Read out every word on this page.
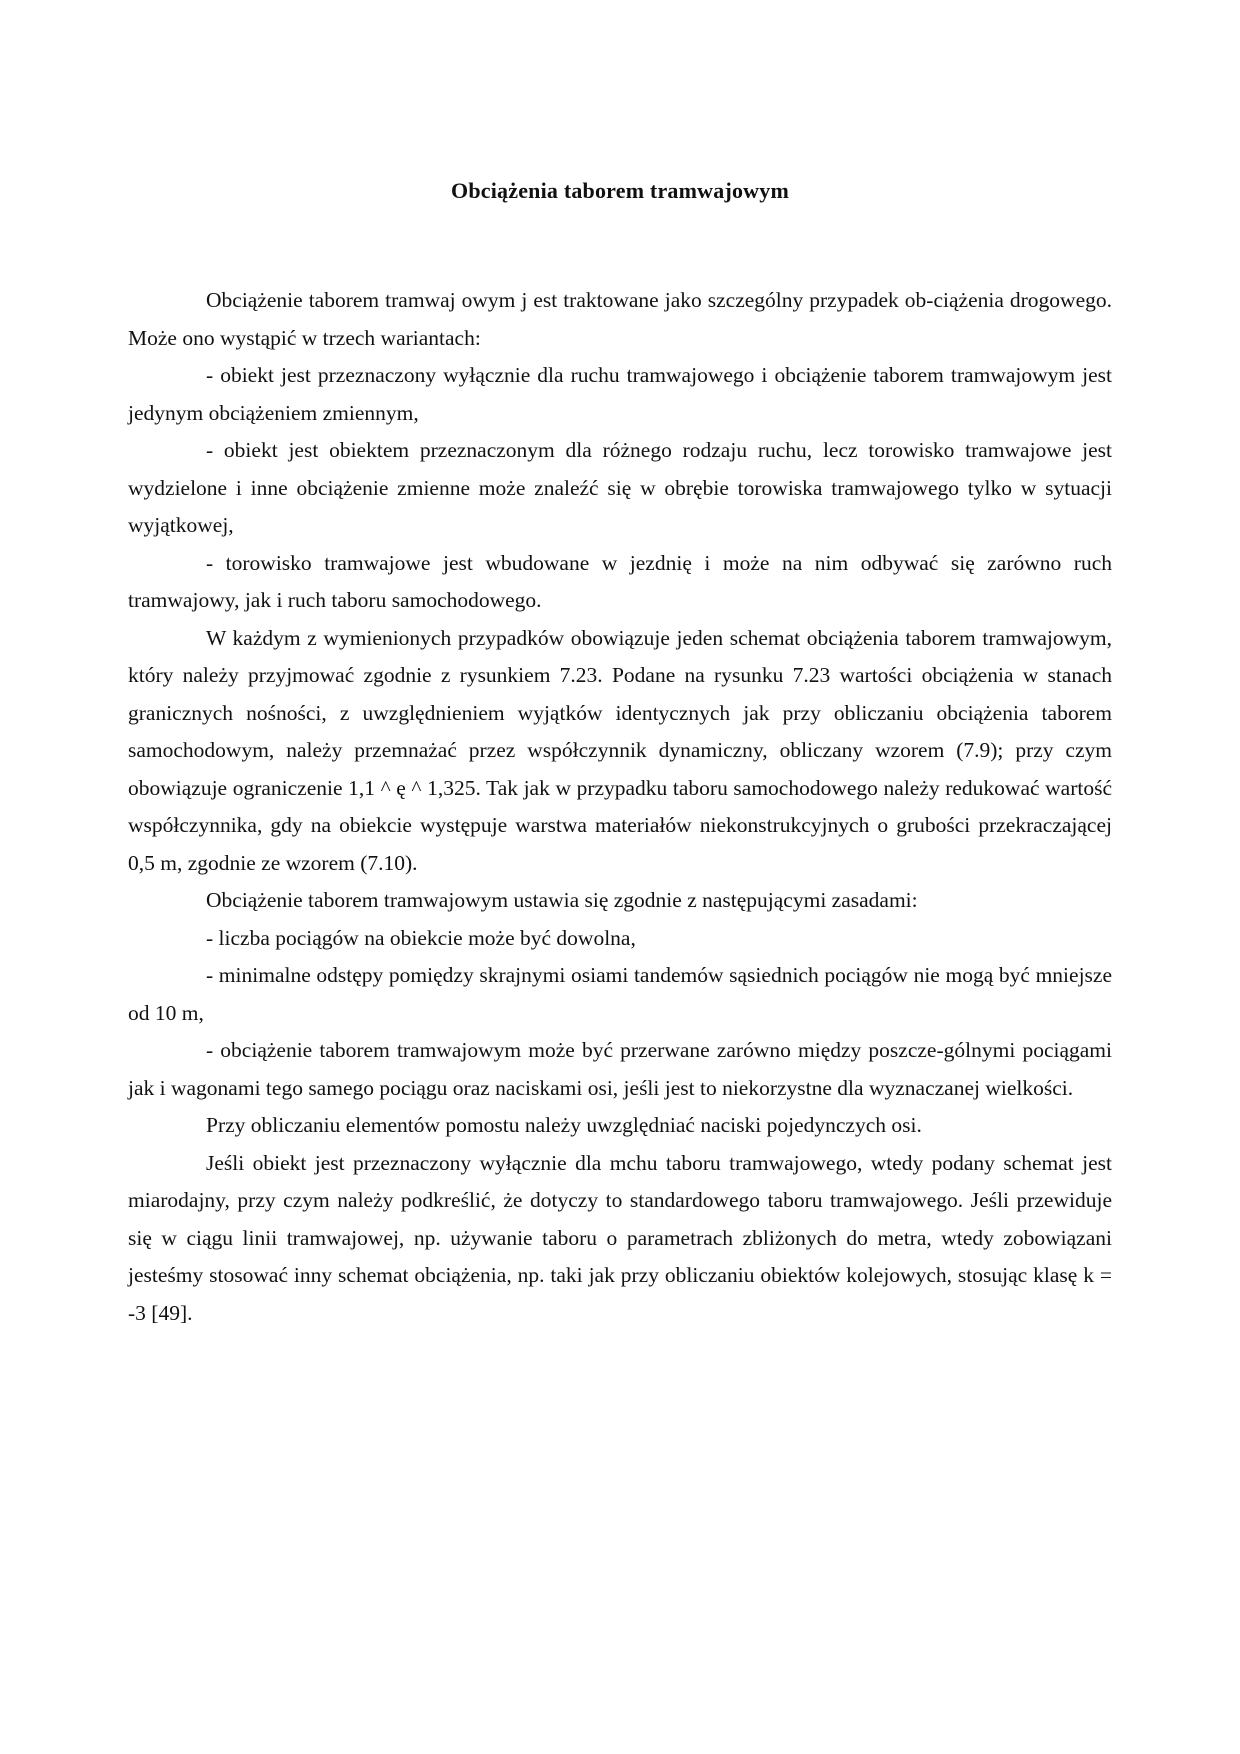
Obciążenia taborem tramwajowym

Obciążenie taborem tramwaj owym j est traktowane jako szczególny przypadek ob-ciążenia drogowego. Może ono wystąpić w trzech wariantach:

- obiekt jest przeznaczony wyłącznie dla ruchu tramwajowego i obciążenie taborem tramwajowym jest jedynym obciążeniem zmiennym,

- obiekt jest obiektem przeznaczonym dla różnego rodzaju ruchu, lecz torowisko tramwajowe jest wydzielone i inne obciążenie zmienne może znaleźć się w obrębie torowiska tramwajowego tylko w sytuacji wyjątkowej,

- torowisko tramwajowe jest wbudowane w jezdnię i może na nim odbywać się zarówno ruch tramwajowy, jak i ruch taboru samochodowego.

W każdym z wymienionych przypadków obowiązuje jeden schemat obciążenia taborem tramwajowym, który należy przyjmować zgodnie z rysunkiem 7.23. Podane na rysunku 7.23 wartości obciążenia w stanach granicznych nośności, z uwzględnieniem wyjątków identycznych jak przy obliczaniu obciążenia taborem samochodowym, należy przemnażać przez współczynnik dynamiczny, obliczany wzorem (7.9); przy czym obowiązuje ograniczenie 1,1 ^ ę ^ 1,325. Tak jak w przypadku taboru samochodowego należy redukować wartość współczynnika, gdy na obiekcie występuje warstwa materiałów niekonstrukcyjnych o grubości przekraczającej 0,5 m, zgodnie ze wzorem (7.10).

Obciążenie taborem tramwajowym ustawia się zgodnie z następującymi zasadami:

- liczba pociągów na obiekcie może być dowolna,

- minimalne odstępy pomiędzy skrajnymi osiami tandemów sąsiednich pociągów nie mogą być mniejsze od 10 m,

- obciążenie taborem tramwajowym może być przerwane zarówno między poszcze-gólnymi pociągami jak i wagonami tego samego pociągu oraz naciskami osi, jeśli jest to niekorzystne dla wyznaczanej wielkości.

Przy obliczaniu elementów pomostu należy uwzględniać naciski pojedynczych osi.

Jeśli obiekt jest przeznaczony wyłącznie dla mchu taboru tramwajowego, wtedy podany schemat jest miarodajny, przy czym należy podkreślić, że dotyczy to standardowego taboru tramwajowego. Jeśli przewiduje się w ciągu linii tramwajowej, np. używanie taboru o parametrach zbliżonych do metra, wtedy zobowiązani jesteśmy stosować inny schemat obciążenia, np. taki jak przy obliczaniu obiektów kolejowych, stosując klasę k = -3 [49].
